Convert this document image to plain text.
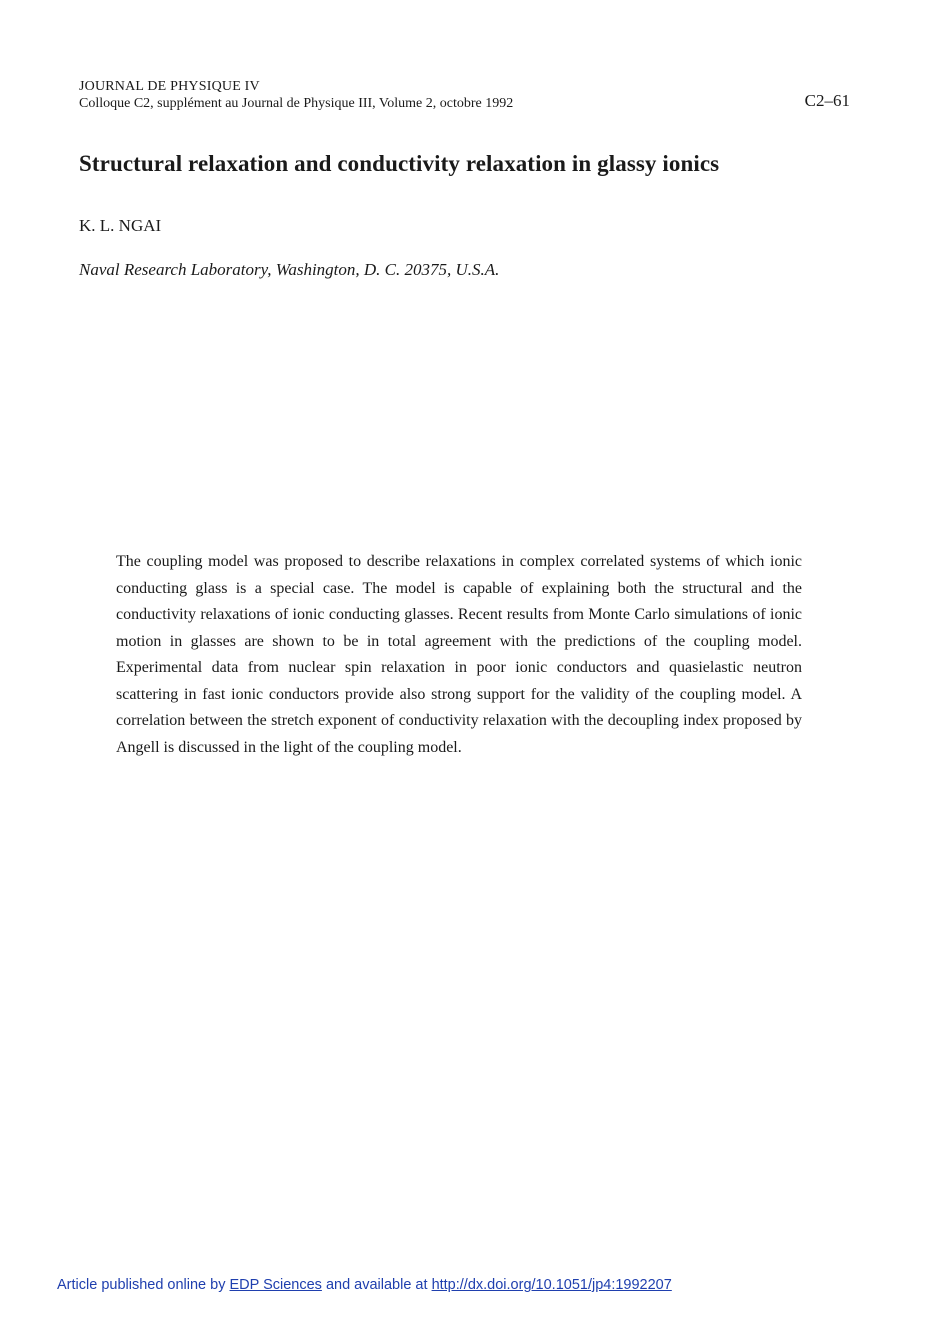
JOURNAL DE PHYSIQUE IV
Colloque C2, supplément au Journal de Physique III, Volume 2, octobre 1992	C2–61
Structural relaxation and conductivity relaxation in glassy ionics
K. L. NGAI
Naval Research Laboratory, Washington, D. C. 20375, U.S.A.
The coupling model was proposed to describe relaxations in complex correlated systems of which ionic conducting glass is a special case. The model is capable of explaining both the structural and the conductivity relaxations of ionic conducting glasses. Recent results from Monte Carlo simulations of ionic motion in glasses are shown to be in total agreement with the predictions of the coupling model. Experimental data from nuclear spin relaxation in poor ionic conductors and quasielastic neutron scattering in fast ionic conductors provide also strong support for the validity of the coupling model. A correlation between the stretch exponent of conductivity relaxation with the decoupling index proposed by Angell is discussed in the light of the coupling model.
Article published online by EDP Sciences and available at http://dx.doi.org/10.1051/jp4:1992207
